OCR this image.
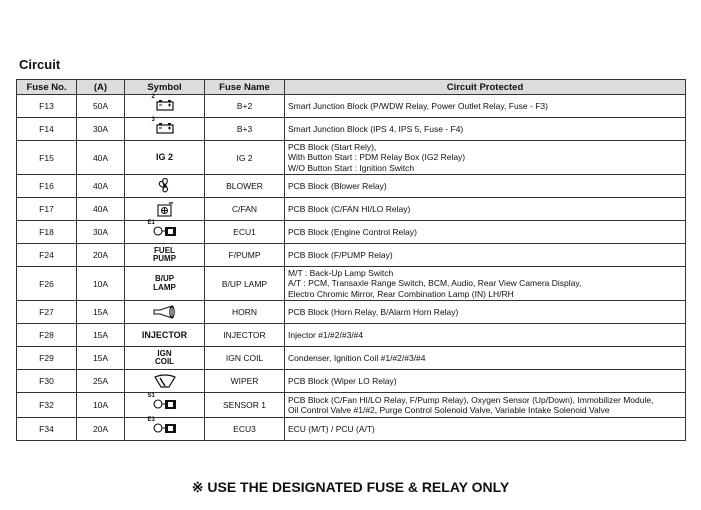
Circuit
Fuse No.	(A)	Symbol	Fuse Name	Circuit Protected
F13	50A	2	B+2	Smart Junction Block (P/WDW Relay, Power Outlet Relay, Fuse - F3)

F14	30A	3	B+3	Smart Junction Block (IPS 4, IPS 5, Fuse - F4)

F15	40A	IG 2	IG 2	PCB Block (Start Rely),
With Button Start : PDM Relay Box (IG2 Relay)
W/O Button Start : Ignition Switch

F16	40A		BLOWER	PCB Block (Blower Relay)

F17	40A		C/FAN	PCB Block (C/FAN HI/LO Relay)

F18	30A	E1	ECU1	PCB Block (Engine Control Relay)

F24	20A	FUEL
PUMP	F/PUMP	PCB Block (F/PUMP Relay)

F26	10A	B/UP
LAMP	B/UP LAMP	M/T : Back-Up Lamp Switch
A/T : PCM, Transaxle Range Switch, BCM, Audio, Rear View Camera Display,
Electro Chromic Mirror, Rear Combination Lamp (IN) LH/RH

F27	15A		HORN	PCB Block (Horn Relay, B/Alarm Horn Relay)

F28	15A	INJECTOR	INJECTOR	Injector #1/#2/#3/#4

F29	15A	IGN
COIL	IGN COIL	Condenser, Ignition Coil #1/#2/#3/#4

F30	25A		WIPER	PCB Block (Wiper LO Relay)

F32	10A	S1	SENSOR 1	PCB Block (C/Fan HI/LO Relay, F/Pump Relay), Oxygen Sensor (Up/Down), Immobilizer Module,
Oil Control Valve #1/#2, Purge Control Solenoid Valve, Variable Intake Solenoid Valve

F34	20A	E3	ECU3	ECU (M/T) / PCU (A/T)
※ USE THE DESIGNATED FUSE & RELAY ONLY
